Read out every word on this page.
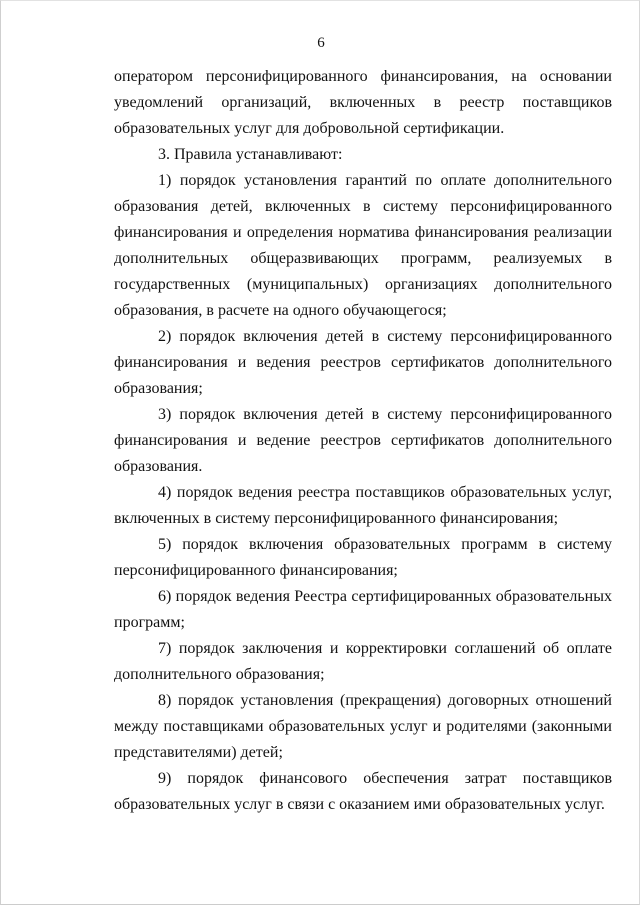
6

оператором персонифицированного финансирования, на основании уведомлений организаций, включенных в реестр поставщиков образовательных услуг для добровольной сертификации.

3. Правила устанавливают:

1) порядок установления гарантий по оплате дополнительного образования детей, включенных в систему персонифицированного финансирования и определения норматива финансирования реализации дополнительных общеразвивающих программ, реализуемых в государственных (муниципальных) организациях дополнительного образования, в расчете на одного обучающегося;

2) порядок включения детей в систему персонифицированного финансирования и ведения реестров сертификатов дополнительного образования;

3) порядок включения детей в систему персонифицированного финансирования и ведение реестров сертификатов дополнительного образования.

4) порядок ведения реестра поставщиков образовательных услуг, включенных в систему персонифицированного финансирования;

5) порядок включения образовательных программ в систему персонифицированного финансирования;

6) порядок ведения Реестра сертифицированных образовательных программ;

7) порядок заключения и корректировки соглашений об оплате дополнительного образования;

8) порядок установления (прекращения) договорных отношений между поставщиками образовательных услуг и родителями (законными представителями) детей;

9) порядок финансового обеспечения затрат поставщиков образовательных услуг в связи с оказанием ими образовательных услуг.
